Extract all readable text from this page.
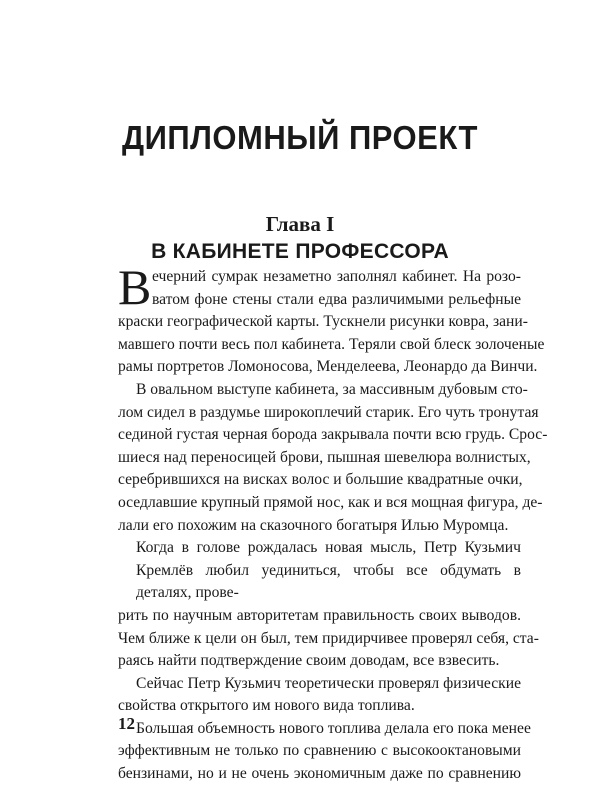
ДИПЛОМНЫЙ ПРОЕКТ
Глава I
В КАБИНЕТЕ ПРОФЕССОРА
В ечерний сумрак незаметно заполнял кабинет. На розо-
ватом фоне стены стали едва различимыми рельефные
краски географической карты. Тускнели рисунки ковра, зани-
мавшего почти весь пол кабинета. Теряли свой блеск золоченые
рамы портретов Ломоносова, Менделеева, Леонардо да Винчи.
В овальном выступе кабинета, за массивным дубовым сто-
лом сидел в раздумье широкоплечий старик. Его чуть тронутая
сединой густая черная борода закрывала почти всю грудь. Срос-
шиеся над переносицей брови, пышная шевелюра волнистых,
серебрившихся на висках волос и большие квадратные очки,
оседлавшие крупный прямой нос, как и вся мощная фигура, де-
лали его похожим на сказочного богатыря Илью Муромца.
Когда в голове рождалась новая мысль, Петр Кузьмич Кремлёв любил уединиться, чтобы все обдумать в деталях, прове-
рить по научным авторитетам правильность своих выводов.
Чем ближе к цели он был, тем придирчивее проверял себя, ста-
раясь найти подтверждение своим доводам, все взвесить.
Сейчас Петр Кузьмич теоретически проверял физические
свойства открытого им нового вида топлива.
Большая объемность нового топлива делала его пока менее
эффективным не только по сравнению с высокооктановыми
бензинами, но и не очень экономичным даже по сравнению
12
